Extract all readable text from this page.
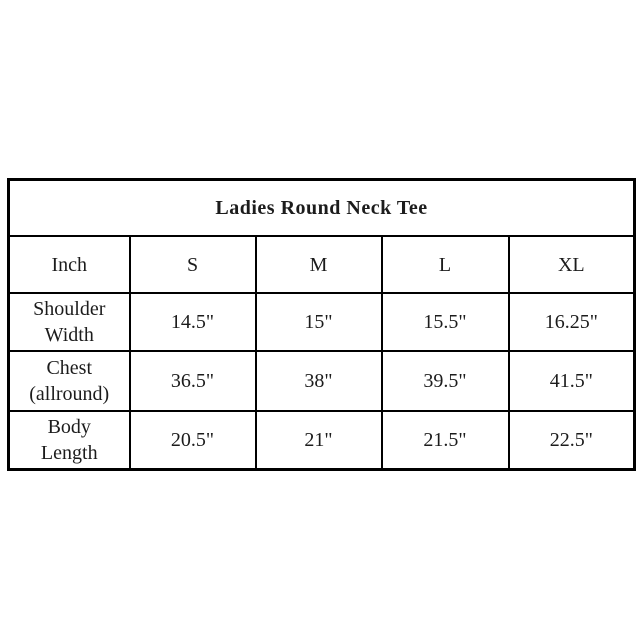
Ladies Round Neck Tee				
Inch	S	M	L	XL
Shoulder Width	14.5"	15"	15.5"	16.25"
Chest (allround)	36.5"	38"	39.5"	41.5"
Body Length	20.5"	21"	21.5"	22.5"
